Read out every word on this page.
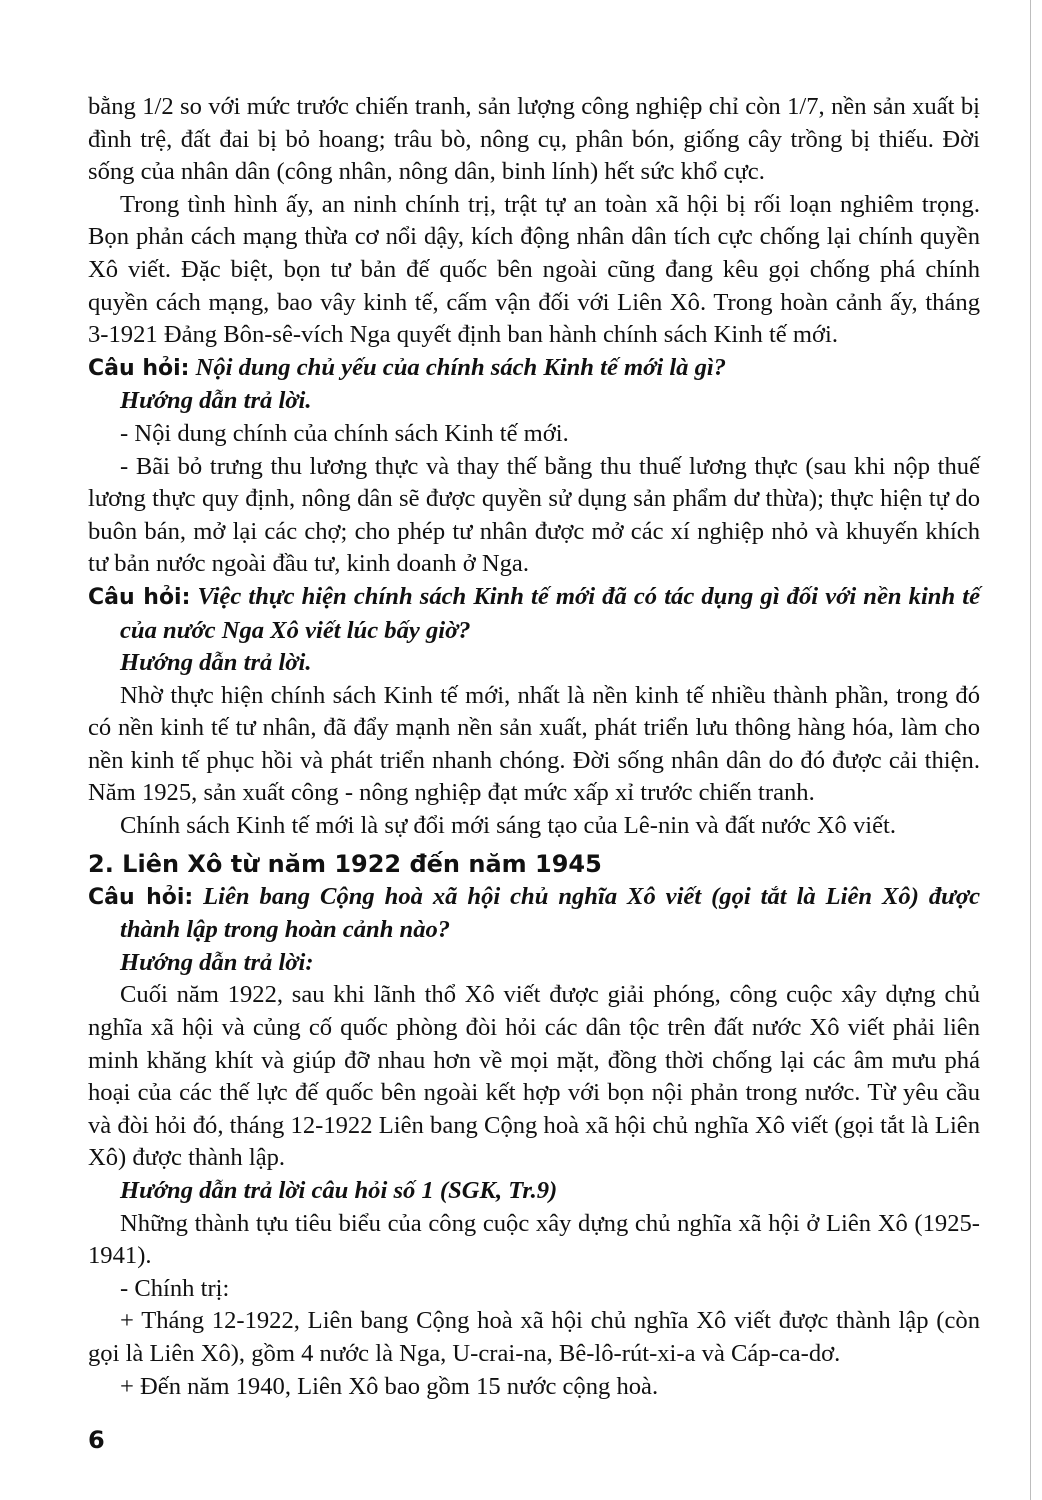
bằng 1/2 so với mức trước chiến tranh, sản lượng công nghiệp chỉ còn 1/7, nền sản xuất bị đình trệ, đất đai bị bỏ hoang; trâu bò, nông cụ, phân bón, giống cây trồng bị thiếu. Đời sống của nhân dân (công nhân, nông dân, binh lính) hết sức khổ cực.

Trong tình hình ấy, an ninh chính trị, trật tự an toàn xã hội bị rối loạn nghiêm trọng. Bọn phản cách mạng thừa cơ nổi dậy, kích động nhân dân tích cực chống lại chính quyền Xô viết. Đặc biệt, bọn tư bản đế quốc bên ngoài cũng đang kêu gọi chống phá chính quyền cách mạng, bao vây kinh tế, cấm vận đối với Liên Xô. Trong hoàn cảnh ấy, tháng 3-1921 Đảng Bôn-sê-vích Nga quyết định ban hành chính sách Kinh tế mới.

Câu hỏi: Nội dung chủ yếu của chính sách Kinh tế mới là gì?

Hướng dẫn trả lời.

- Nội dung chính của chính sách Kinh tế mới.

- Bãi bỏ trưng thu lương thực và thay thế bằng thu thuế lương thực (sau khi nộp thuế lương thực quy định, nông dân sẽ được quyền sử dụng sản phẩm dư thừa); thực hiện tự do buôn bán, mở lại các chợ; cho phép tư nhân được mở các xí nghiệp nhỏ và khuyến khích tư bản nước ngoài đầu tư, kinh doanh ở Nga.

Câu hỏi: Việc thực hiện chính sách Kinh tế mới đã có tác dụng gì đối với nền kinh tế của nước Nga Xô viết lúc bấy giờ?

Hướng dẫn trả lời.

Nhờ thực hiện chính sách Kinh tế mới, nhất là nền kinh tế nhiều thành phần, trong đó có nền kinh tế tư nhân, đã đẩy mạnh nền sản xuất, phát triển lưu thông hàng hóa, làm cho nền kinh tế phục hồi và phát triển nhanh chóng. Đời sống nhân dân do đó được cải thiện. Năm 1925, sản xuất công - nông nghiệp đạt mức xấp xỉ trước chiến tranh.

Chính sách Kinh tế mới là sự đổi mới sáng tạo của Lê-nin và đất nước Xô viết.

2. Liên Xô từ năm 1922 đến năm 1945

Câu hỏi: Liên bang Cộng hoà xã hội chủ nghĩa Xô viết (gọi tắt là Liên Xô) được thành lập trong hoàn cảnh nào?

Hướng dẫn trả lời:

Cuối năm 1922, sau khi lãnh thổ Xô viết được giải phóng, công cuộc xây dựng chủ nghĩa xã hội và củng cố quốc phòng đòi hỏi các dân tộc trên đất nước Xô viết phải liên minh khăng khít và giúp đỡ nhau hơn về mọi mặt, đồng thời chống lại các âm mưu phá hoại của các thế lực đế quốc bên ngoài kết hợp với bọn nội phản trong nước. Từ yêu cầu và đòi hỏi đó, tháng 12-1922 Liên bang Cộng hoà xã hội chủ nghĩa Xô viết (gọi tắt là Liên Xô) được thành lập.

Hướng dẫn trả lời câu hỏi số 1 (SGK, Tr.9)

Những thành tựu tiêu biểu của công cuộc xây dựng chủ nghĩa xã hội ở Liên Xô (1925-1941).

- Chính trị:

+ Tháng 12-1922, Liên bang Cộng hoà xã hội chủ nghĩa Xô viết được thành lập (còn gọi là Liên Xô), gồm 4 nước là Nga, U-crai-na, Bê-lô-rút-xi-a và Cáp-ca-dơ.

+ Đến năm 1940, Liên Xô bao gồm 15 nước cộng hoà.

6
